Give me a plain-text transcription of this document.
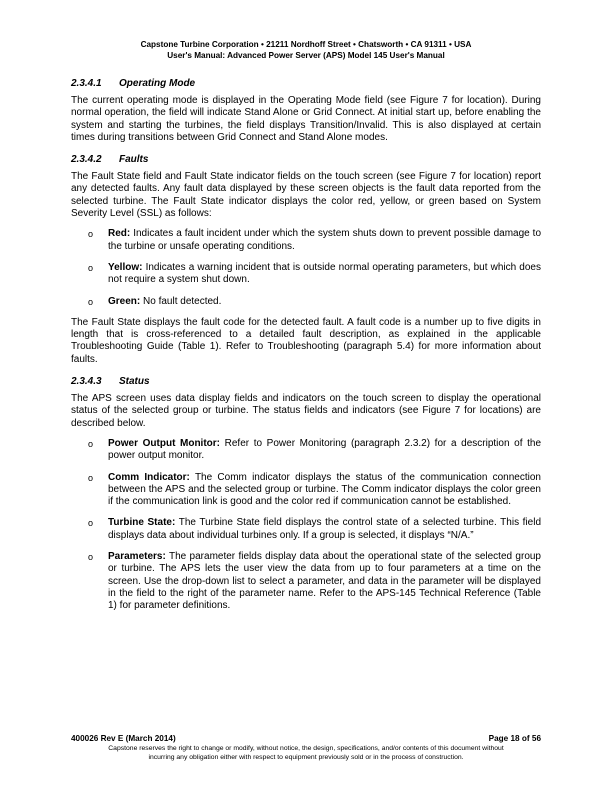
Capstone Turbine Corporation • 21211 Nordhoff Street • Chatsworth • CA 91311 • USA
User's Manual: Advanced Power Server (APS) Model 145 User's Manual
2.3.4.1 Operating Mode

The current operating mode is displayed in the Operating Mode field (see Figure 7 for location). During normal operation, the field will indicate Stand Alone or Grid Connect. At initial start up, before enabling the system and starting the turbines, the field displays Transition/Invalid. This is also displayed at certain times during transitions between Grid Connect and Stand Alone modes.

2.3.4.2 Faults

The Fault State field and Fault State indicator fields on the touch screen (see Figure 7 for location) report any detected faults. Any fault data displayed by these screen objects is the fault data reported from the selected turbine. The Fault State indicator displays the color red, yellow, or green based on System Severity Level (SSL) as follows:

o Red: Indicates a fault incident under which the system shuts down to prevent possible damage to the turbine or unsafe operating conditions.
o Yellow: Indicates a warning incident that is outside normal operating parameters, but which does not require a system shut down.
o Green: No fault detected.

The Fault State displays the fault code for the detected fault. A fault code is a number up to five digits in length that is cross-referenced to a detailed fault description, as explained in the applicable Troubleshooting Guide (Table 1). Refer to Troubleshooting (paragraph 5.4) for more information about faults.

2.3.4.3 Status

The APS screen uses data display fields and indicators on the touch screen to display the operational status of the selected group or turbine. The status fields and indicators (see Figure 7 for locations) are described below.

o Power Output Monitor: Refer to Power Monitoring (paragraph 2.3.2) for a description of the power output monitor.
o Comm Indicator: The Comm indicator displays the status of the communication connection between the APS and the selected group or turbine. The Comm indicator displays the color green if the communication link is good and the color red if communication cannot be established.
o Turbine State: The Turbine State field displays the control state of a selected turbine. This field displays data about individual turbines only. If a group is selected, it displays “N/A.”
o Parameters: The parameter fields display data about the operational state of the selected group or turbine. The APS lets the user view the data from up to four parameters at a time on the screen. Use the drop-down list to select a parameter, and data in the parameter will be displayed in the field to the right of the parameter name. Refer to the APS-145 Technical Reference (Table 1) for parameter definitions.
400026 Rev E (March 2014)	Page 18 of 56
Capstone reserves the right to change or modify, without notice, the design, specifications, and/or contents of this document without
incurring any obligation either with respect to equipment previously sold or in the process of construction.
